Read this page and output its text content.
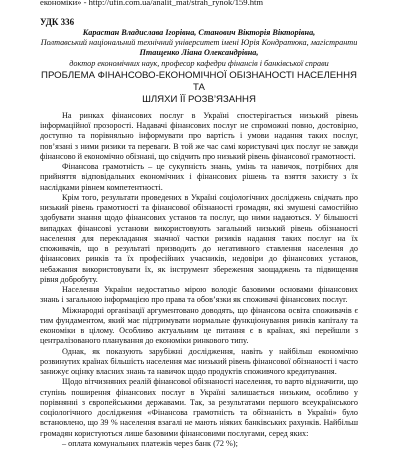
економіки» - http://ufin.com.ua/analit_mat/strah_rynok/159.htm
УДК 336
Карастан Владислава Ігорівна, Станович Вікторія Вікторівна,
Полтавський національний технічний університет імені Юрія Кондратюка, магістранти
Птащенко Ліана Олександрівна,
доктор економічних наук, професор кафедри фінансів і банківської справи
ПРОБЛЕМА ФІНАНСОВО-ЕКОНОМІЧНОЇ ОБІЗНАНОСТІ НАСЕЛЕННЯ ТА
ШЛЯХИ ЇЇ РОЗВ’ЯЗАННЯ

На ринках фінансових послуг в Україні спостерігається низький рівень інформаційної прозорості. Надавачі фінансових послуг не спроможні повно, достовірно, доступно та порівняльно інформувати про вартість і умови надання таких послуг, пов’язані з ними ризики та переваги. В той же час самі користувачі цих послуг не завжди фінансово й економічно обізнані, що свідчить про низький рівень фінансової грамотності.

Фінансова грамотність – це сукупність знань, умінь та навичок, потрібних для прийняття відповідальних економічних і фінансових рішень та взяття захисту з їх наслідками рівнем компетентності.

Крім того, результати проведених в Україні соціологічних досліджень свідчать про низький рівень грамотності та фінансової обізнаності громадян, які змушені самостійно здобувати знання щодо фінансових установ та послуг, що ними надаються. У більшості випадках фінансові установи використовують загальний низький рівень обізнаності населення для перекладання значної частки ризиків надання таких послуг на їх споживачів, що в результаті призводить до негативного ставлення населення до фінансових ринків та їх професійних учасників, недовіри до фінансових установ, небажання використовувати їх, як інструмент збереження заощаджень та підвищення рівня добробуту.

Населення України недостатньо мірою володіє базовими основами фінансових знань і загальною інформацією про права та обов’язки як споживачі фінансових послуг.

Міжнародні організації аргументовано доводять, що фінансова освіта споживачів є тим фундаментом, який має підтримувати нормальне функціонування ринків капіталу та економіки в цілому. Особливо актуальним це питання є в країнах, які перейшли з централізованого планування до економіки ринкового типу.

Однак, як показують зарубіжні дослідження, навіть у найбільш економічно розвинутих країнах більшість населення має низький рівень фінансової обізнаності і часто занижує оцінку власних знань та навичок щодо продуктів споживчого кредитування.

Щодо вітчизняних реалій фінансової обізнаності населення, то варто відзначити, що ступінь поширення фінансових послуг в Україні залишається низьким, особливо у порівнянні з європейськими державами. Так, за результатами першого всеукраїнського соціологічного дослідження «Фінансова грамотність та обізнаність в Україні» було встановлено, що 39 % населення взагалі не мають ніяких банківських рахунків. Найбільш громадян користуються лише базовими фінансовими послугами, серед яких:

– оплата комунальних платежів через банк (72 %);
